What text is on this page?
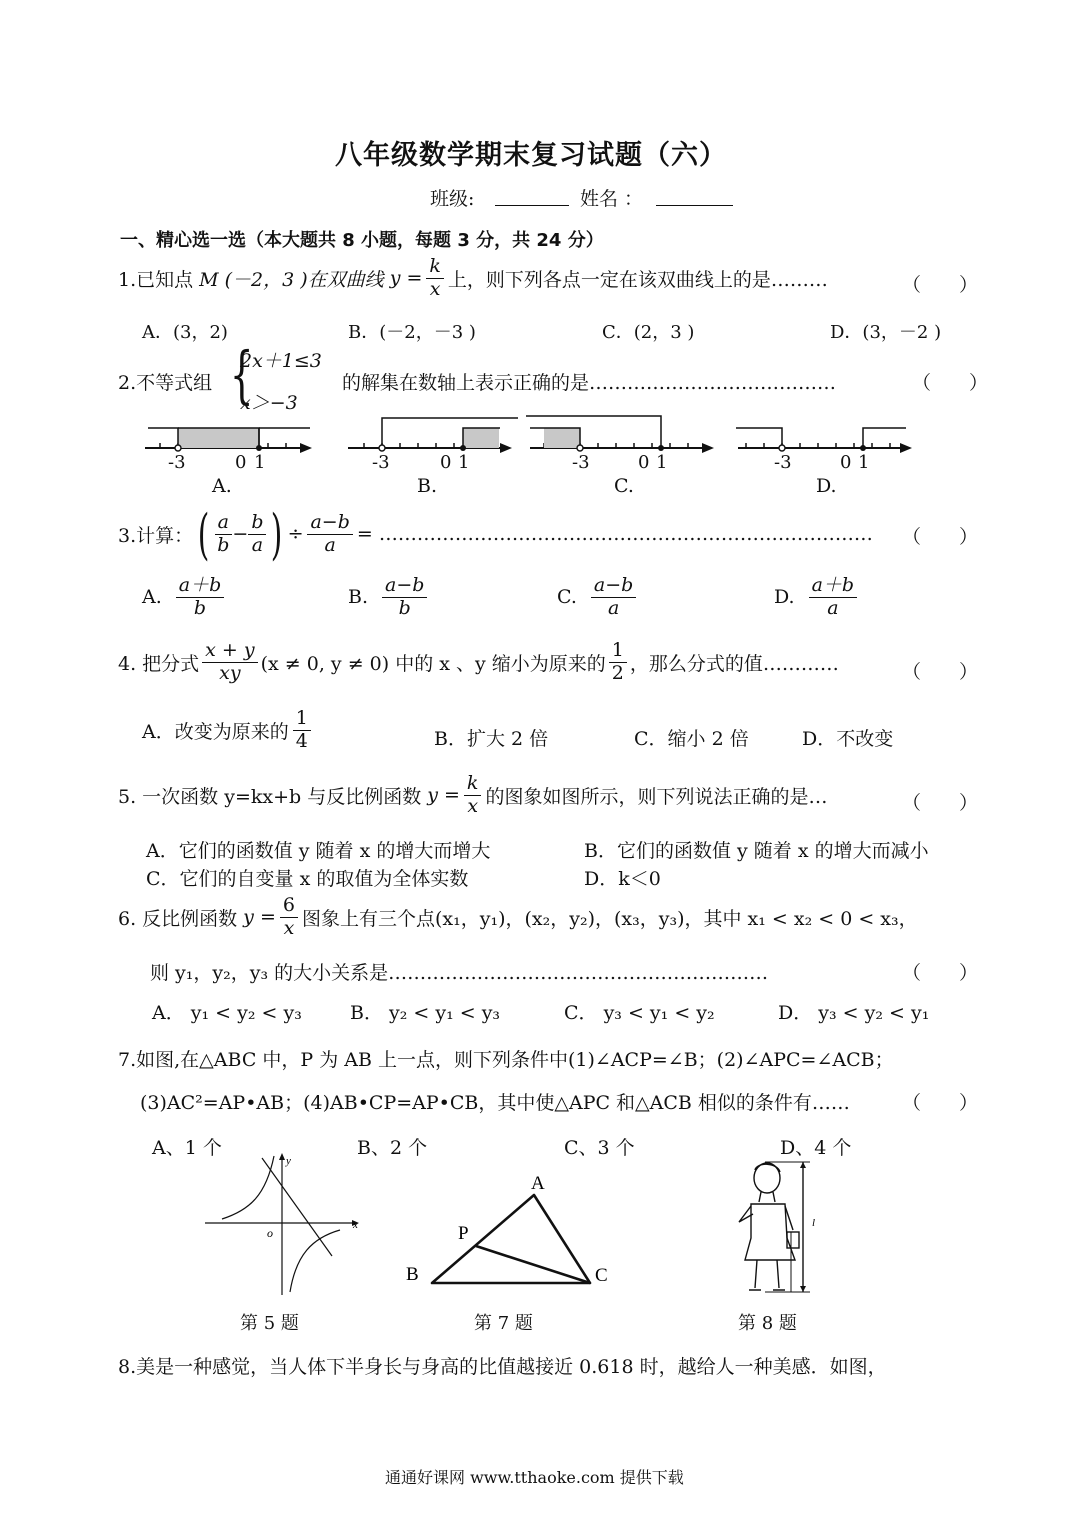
八年级数学期末复习试题（六）
班级:	姓名 ：
一、精心选一选（本大题共 8 小题，每题 3 分，共 24 分）
1.已知点 M (－2，3 )在双曲线 $y = \frac{k}{x}$ 上，则下列各点一定在该双曲线上的是………	（　　）
A．(3，2)	B．(－2，－3 )	C．(2，3 )	D．(3，－2 )
2.不等式组 {
2x＋1≤3
x＞−3
的解集在数轴上表示正确的是…………………………………	（　　）
-3	0 1	-3	0 1	-3	0 1	-3	0 1
A.	B.	C.	D.
3.计算： ( $\frac{a}{b} - \frac{b}{a}$ ) ÷ $\frac{a-b}{a}$ = …………………………………………………………………… （　　）
A. $\frac{a+b}{b}$	B. $\frac{a-b}{b}$	C. $\frac{a-b}{a}$	D. $\frac{a+b}{a}$
4. 把分式 $\frac{x + y}{xy} (x \ne 0$, y ≠ 0) 中的 x 、y 缩小为原来的 $\frac{1}{2}$ ，那么分式的值…………	（　　）
A．改变为原来的 $\frac{1}{4}$	B．扩大 2 倍	C．缩小 2 倍	D．不改变
5. 一次函数 y=kx+b 与反比例函数 $y = \frac{k}{x}$ 的图象如图所示，则下列说法正确的是…	（　　）
A．它们的函数值 y 随着 x 的增大而增大	B．它们的函数值 y 随着 x 的增大而减小
C．它们的自变量 x 的取值为全体实数	D．k＜0
6. 反比例函数 $y = \frac{6}{x}$ 图象上有三个点(x₁，y₁)，(x₂，y₂)，(x₃，y₃)，其中 x₁ < x₂ < 0 < x₃，
则 y₁，y₂，y₃ 的大小关系是……………………………………………………	（　　）
A． y₁ < y₂ < y₃	B． y₂ < y₁ < y₃	C． y₃ < y₁ < y₂	D． y₃ < y₂ < y₁
7.如图,在△ABC 中，P 为 AB 上一点，则下列条件中(1)∠ACP=∠B；(2)∠APC=∠ACB；
(3)AC²=AP•AB；(4)AB•CP=AP•CB，其中使△APC 和△ACB 相似的条件有……	（　　）
A、1 个	B、2 个	C、3 个	D、4 个
x
y
o
第 5 题
A
B	C
P
第 7 题
l
第 8 题
8.美是一种感觉，当人体下半身长与身高的比值越接近 0.618 时，越给人一种美感．如图，
通通好课网 www.tthaoke.com 提供下载
